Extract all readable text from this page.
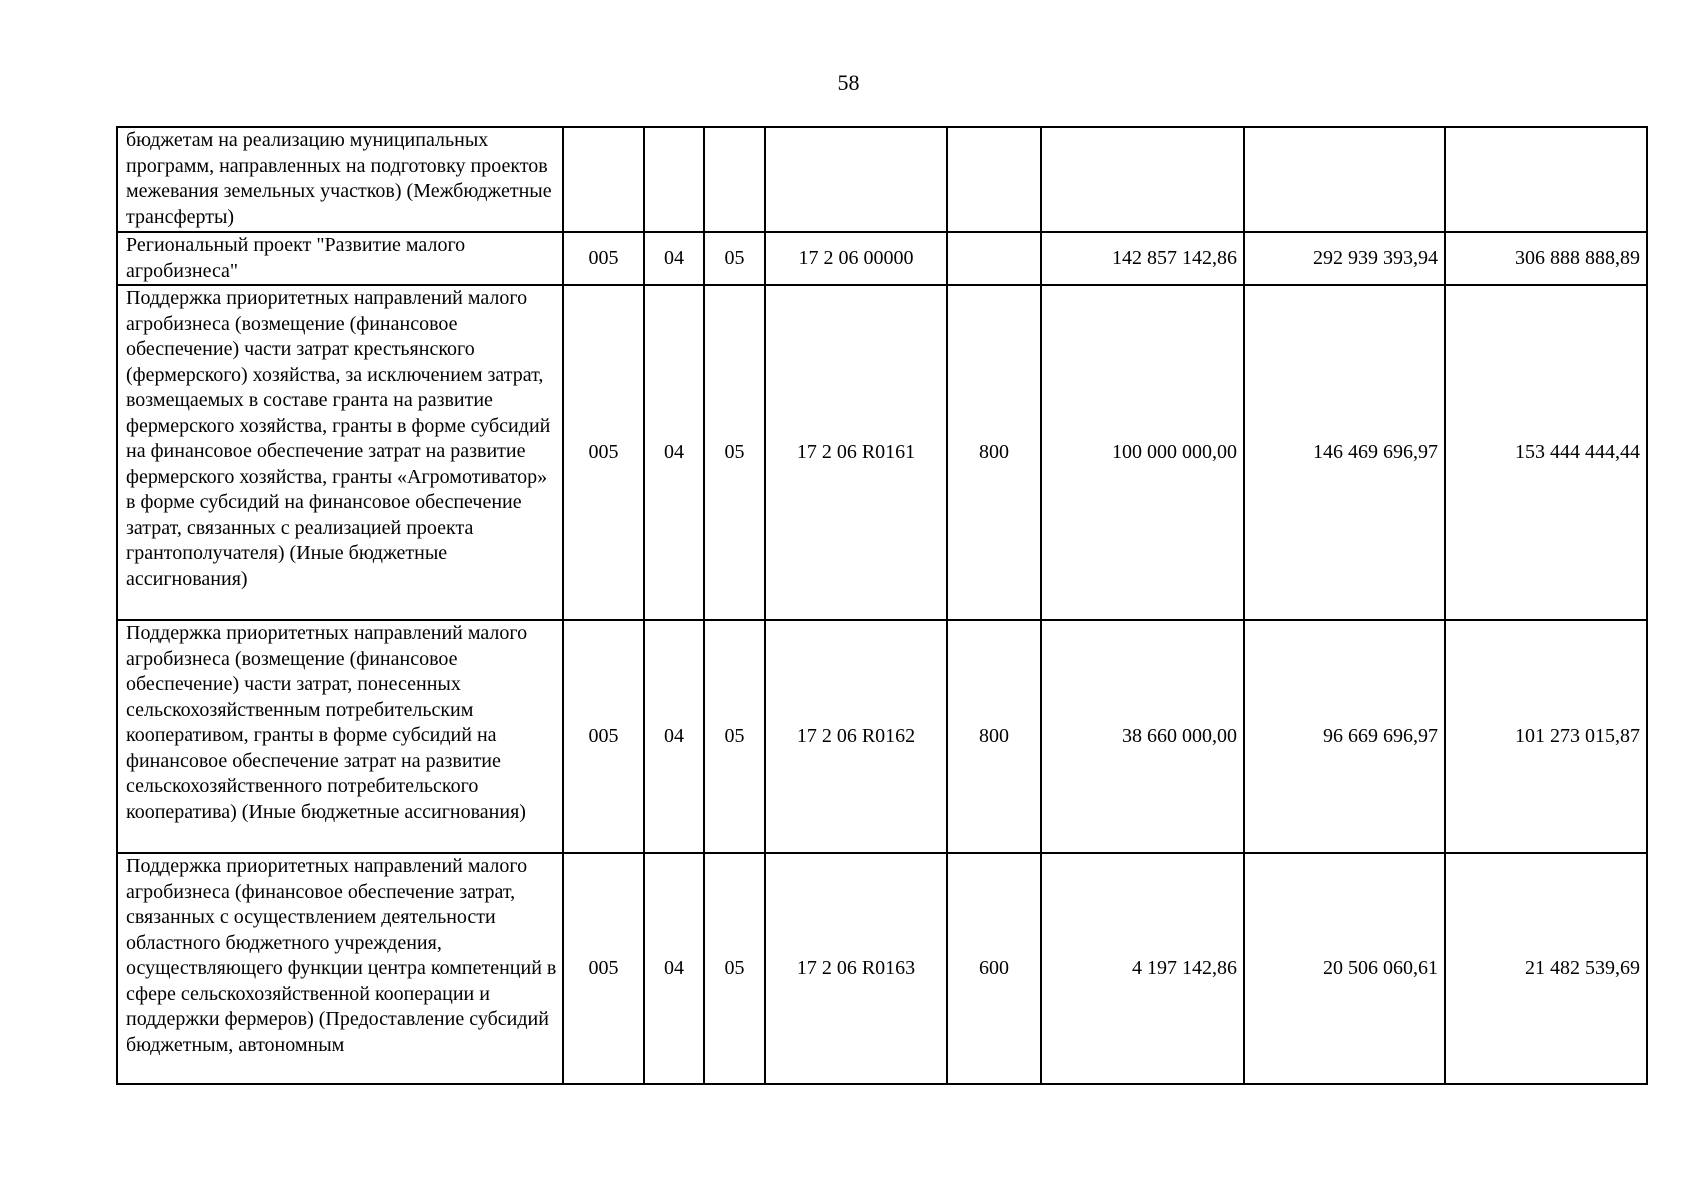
58
бюджетам на реализацию муниципальных программ, направленных на подготовку проектов межевания земельных участков) (Межбюджетные трансферты)								
Региональный проект "Развитие малого агробизнеса"	005	04	05	17 2 06 00000		142 857 142,86	292 939 393,94	306 888 888,89
Поддержка приоритетных направлений малого агробизнеса (возмещение (финансовое обеспечение) части затрат крестьянского (фермерского) хозяйства, за исключением затрат, возмещаемых в составе гранта на развитие фермерского хозяйства, гранты в форме субсидий на финансовое обеспечение затрат на развитие фермерского хозяйства, гранты «Агромотиватор» в форме субсидий на финансовое обеспечение затрат, связанных с реализацией проекта грантополучателя) (Иные бюджетные ассигнования)	005	04	05	17 2 06 R0161	800	100 000 000,00	146 469 696,97	153 444 444,44
Поддержка приоритетных направлений малого агробизнеса (возмещение (финансовое обеспечение) части затрат, понесенных сельскохозяйственным потребительским кооперативом, гранты в форме субсидий на финансовое обеспечение затрат на развитие сельскохозяйственного потребительского кооператива) (Иные бюджетные ассигнования)	005	04	05	17 2 06 R0162	800	38 660 000,00	96 669 696,97	101 273 015,87
Поддержка приоритетных направлений малого агробизнеса (финансовое обеспечение затрат, связанных с осуществлением деятельности областного бюджетного учреждения, осуществляющего функции центра компетенций в сфере сельскохозяйственной кооперации и поддержки фермеров) (Предоставление субсидий бюджетным, автономным	005	04	05	17 2 06 R0163	600	4 197 142,86	20 506 060,61	21 482 539,69
